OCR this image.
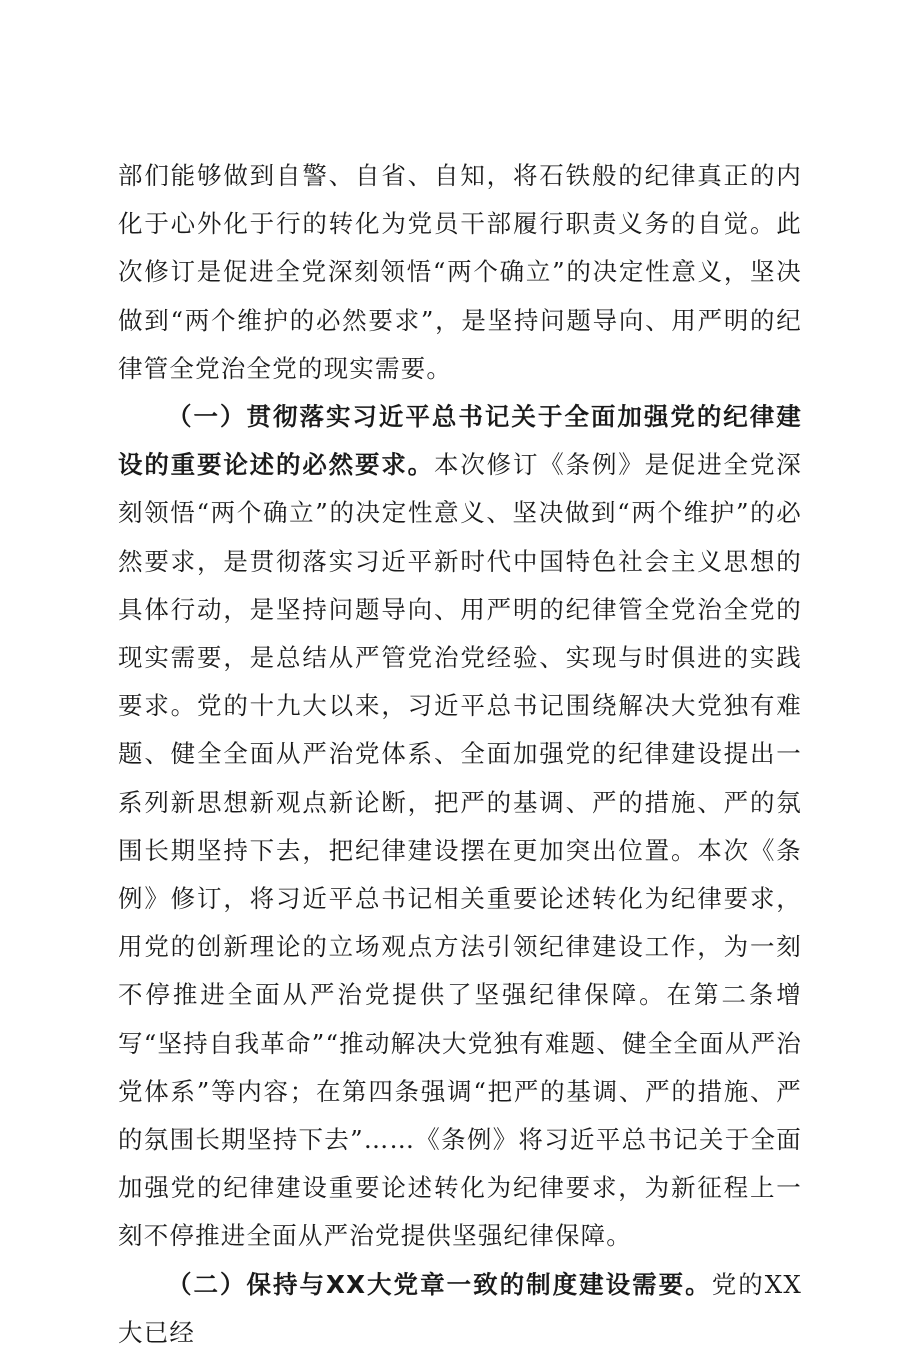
部们能够做到自警、自省、自知，将石铁般的纪律真正的内化于心外化于行的转化为党员干部履行职责义务的自觉。此次修订是促进全党深刻领悟“两个确立”的决定性意义，坚决做到“两个维护的必然要求”，是坚持问题导向、用严明的纪律管全党治全党的现实需要。

（一）贯彻落实习近平总书记关于全面加强党的纪律建设的重要论述的必然要求。本次修订《条例》是促进全党深刻领悟“两个确立”的决定性意义、坚决做到“两个维护”的必然要求，是贯彻落实习近平新时代中国特色社会主义思想的具体行动，是坚持问题导向、用严明的纪律管全党治全党的现实需要，是总结从严管党治党经验、实现与时俱进的实践要求。党的十九大以来，习近平总书记围绕解决大党独有难题、健全全面从严治党体系、全面加强党的纪律建设提出一系列新思想新观点新论断，把严的基调、严的措施、严的氛围长期坚持下去，把纪律建设摆在更加突出位置。本次《条例》修订，将习近平总书记相关重要论述转化为纪律要求，用党的创新理论的立场观点方法引领纪律建设工作，为一刻不停推进全面从严治党提供了坚强纪律保障。在第二条增写“坚持自我革命”“推动解决大党独有难题、健全全面从严治党体系”等内容；在第四条强调“把严的基调、严的措施、严的氛围长期坚持下去”……《条例》将习近平总书记关于全面加强党的纪律建设重要论述转化为纪律要求，为新征程上一刻不停推进全面从严治党提供坚强纪律保障。

（二）保持与XX大党章一致的制度建设需要。党的XX大已经
